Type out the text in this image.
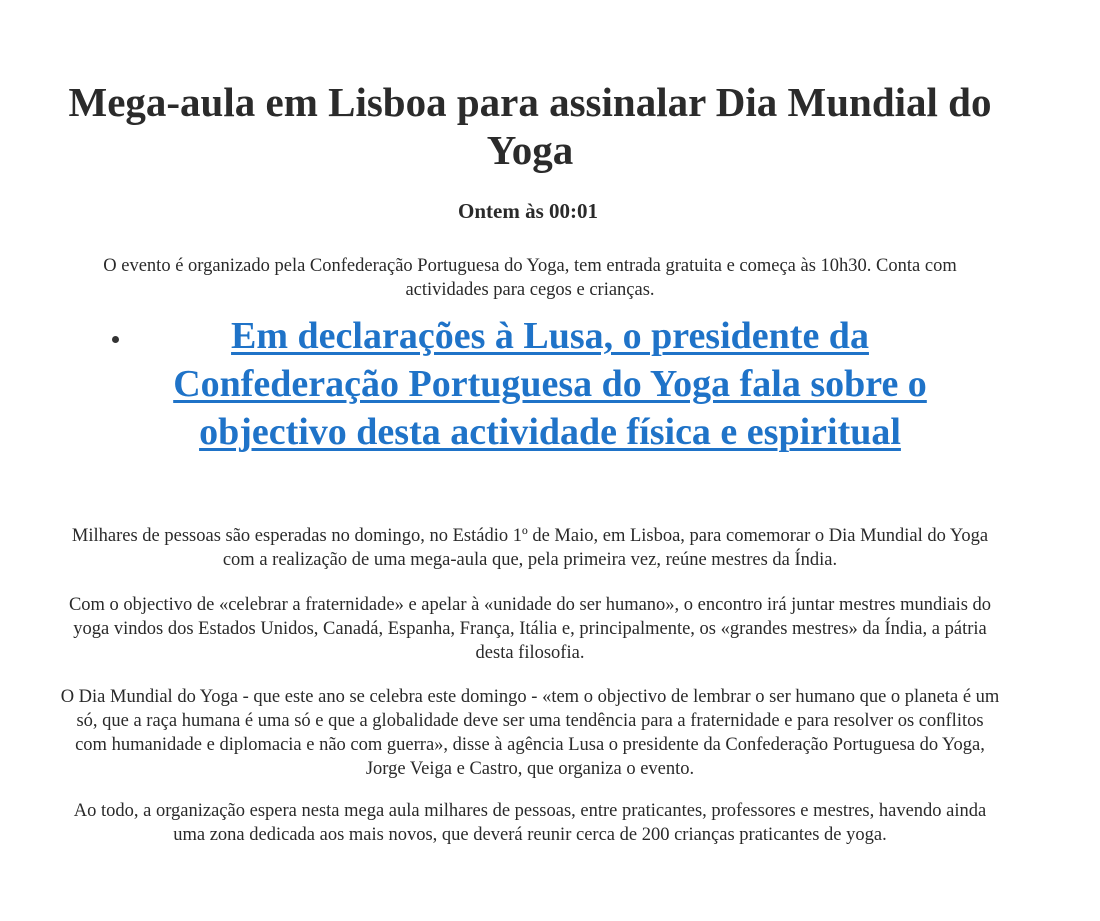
Mega-aula em Lisboa para assinalar Dia Mundial do Yoga
Ontem às 00:01

O evento é organizado pela Confederação Portuguesa do Yoga, tem entrada gratuita e começa às 10h30. Conta com actividades para cegos e crianças.

Em declarações à Lusa, o presidente da Confederação Portuguesa do Yoga fala sobre o objectivo desta actividade física e espiritual

Milhares de pessoas são esperadas no domingo, no Estádio 1º de Maio, em Lisboa, para comemorar o Dia Mundial do Yoga com a realização de uma mega-aula que, pela primeira vez, reúne mestres da Índia.

Com o objectivo de «celebrar a fraternidade» e apelar à «unidade do ser humano», o encontro irá juntar mestres mundiais do yoga vindos dos Estados Unidos, Canadá, Espanha, França, Itália e, principalmente, os «grandes mestres» da Índia, a pátria desta filosofia.

O Dia Mundial do Yoga - que este ano se celebra este domingo - «tem o objectivo de lembrar o ser humano que o planeta é um só, que a raça humana é uma só e que a globalidade deve ser uma tendência para a fraternidade e para resolver os conflitos com humanidade e diplomacia e não com guerra», disse à agência Lusa o presidente da Confederação Portuguesa do Yoga, Jorge Veiga e Castro, que organiza o evento.

Ao todo, a organização espera nesta mega aula milhares de pessoas, entre praticantes, professores e mestres, havendo ainda uma zona dedicada aos mais novos, que deverá reunir cerca de 200 crianças praticantes de yoga.
